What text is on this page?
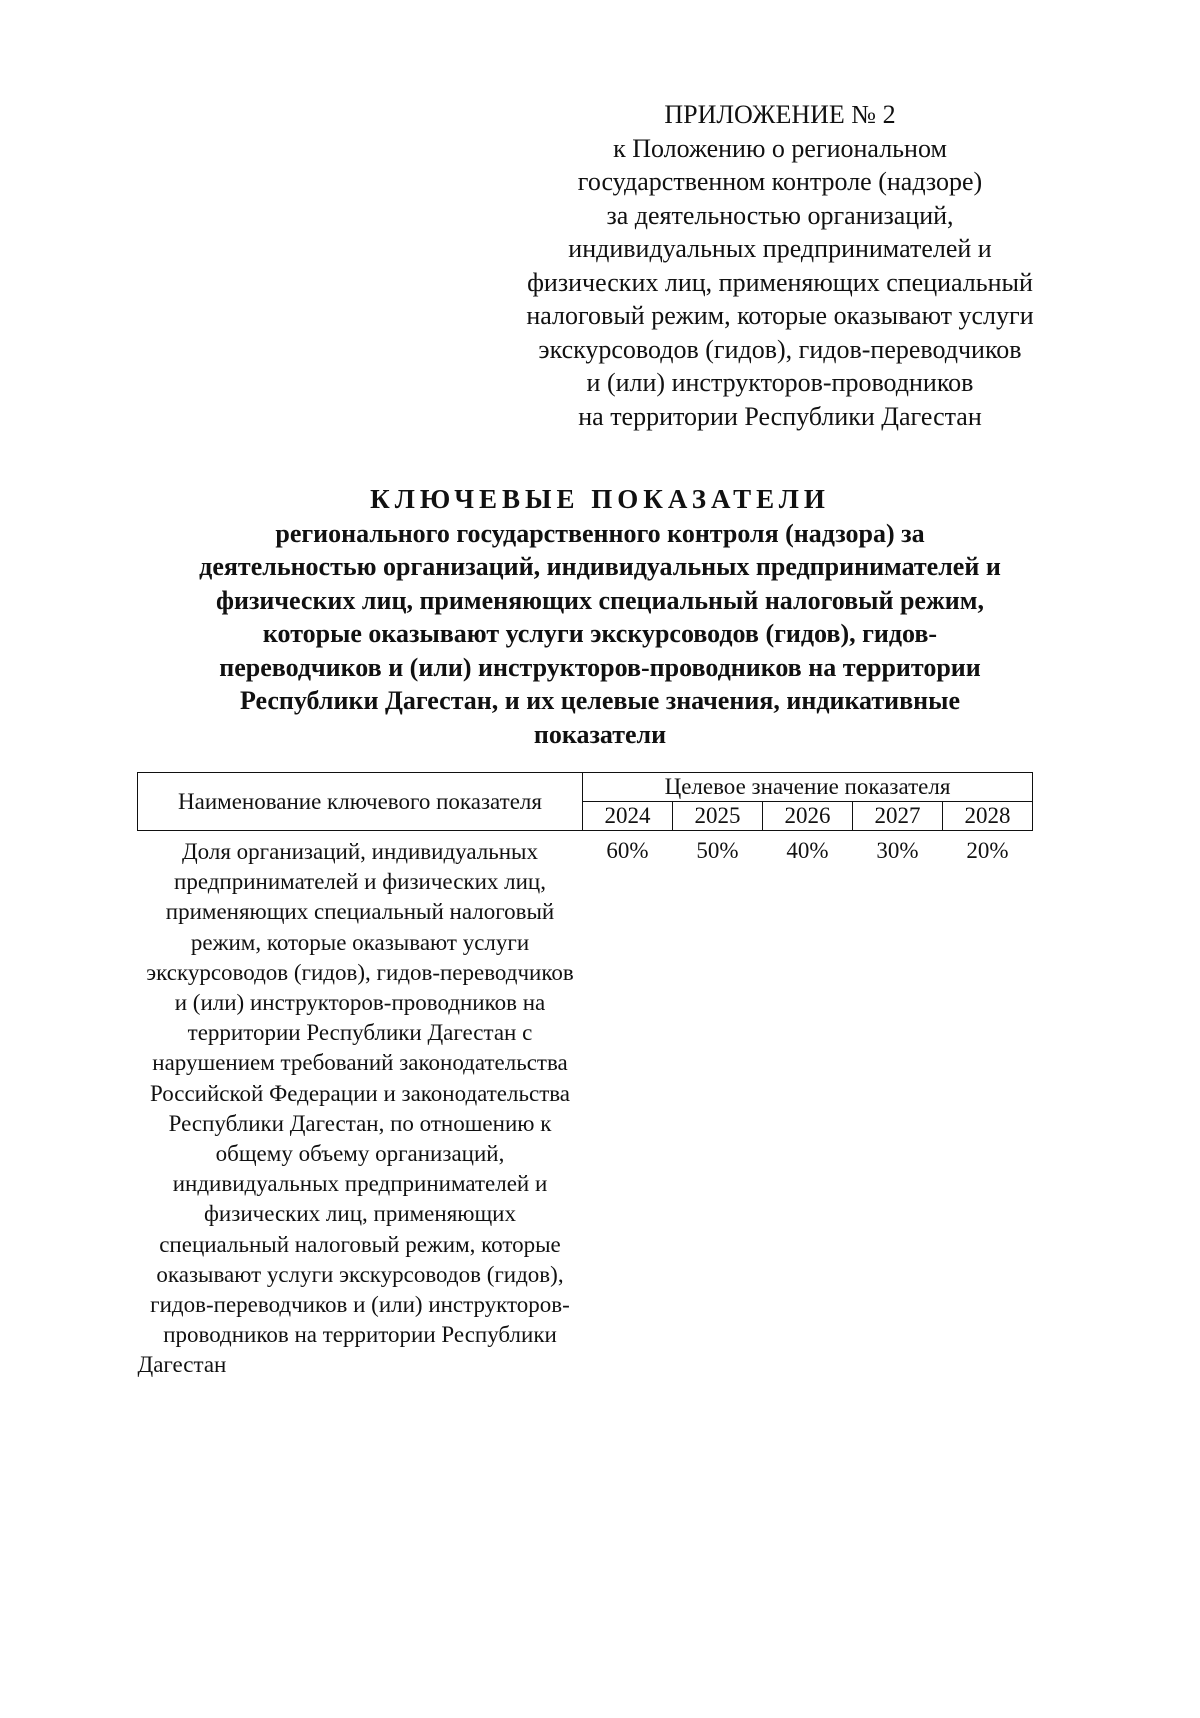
ПРИЛОЖЕНИЕ № 2
к Положению о региональном
государственном контроле (надзоре)
за деятельностью организаций,
индивидуальных предпринимателей и
физических лиц, применяющих специальный
налоговый режим, которые оказывают услуги
экскурсоводов (гидов), гидов-переводчиков
и (или) инструкторов-проводников
на территории Республики Дагестан
КЛЮЧЕВЫЕ ПОКАЗАТЕЛИ
регионального государственного контроля (надзора) за
деятельностью организаций, индивидуальных предпринимателей и
физических лиц, применяющих специальный налоговый режим,
которые оказывают услуги экскурсоводов (гидов), гидов-
переводчиков и (или) инструкторов-проводников на территории
Республики Дагестан, и их целевые значения, индикативные
показатели
Наименование ключевого показателя	Целевое значение показателя				
	2024	2025	2026	2027	2028
Доля организаций, индивидуальных предпринимателей и физических лиц, применяющих специальный налоговый режим, которые оказывают услуги экскурсоводов (гидов), гидов-переводчиков и (или) инструкторов-проводников на территории Республики Дагестан с нарушением требований законодательства Российской Федерации и законодательства Республики Дагестан, по отношению к общему объему организаций, индивидуальных предпринимателей и физических лиц, применяющих специальный налоговый режим, которые оказывают услуги экскурсоводов (гидов), гидов-переводчиков и (или) инструкторов-проводников на территории Республики Дагестан	60%	50%	40%	30%	20%
